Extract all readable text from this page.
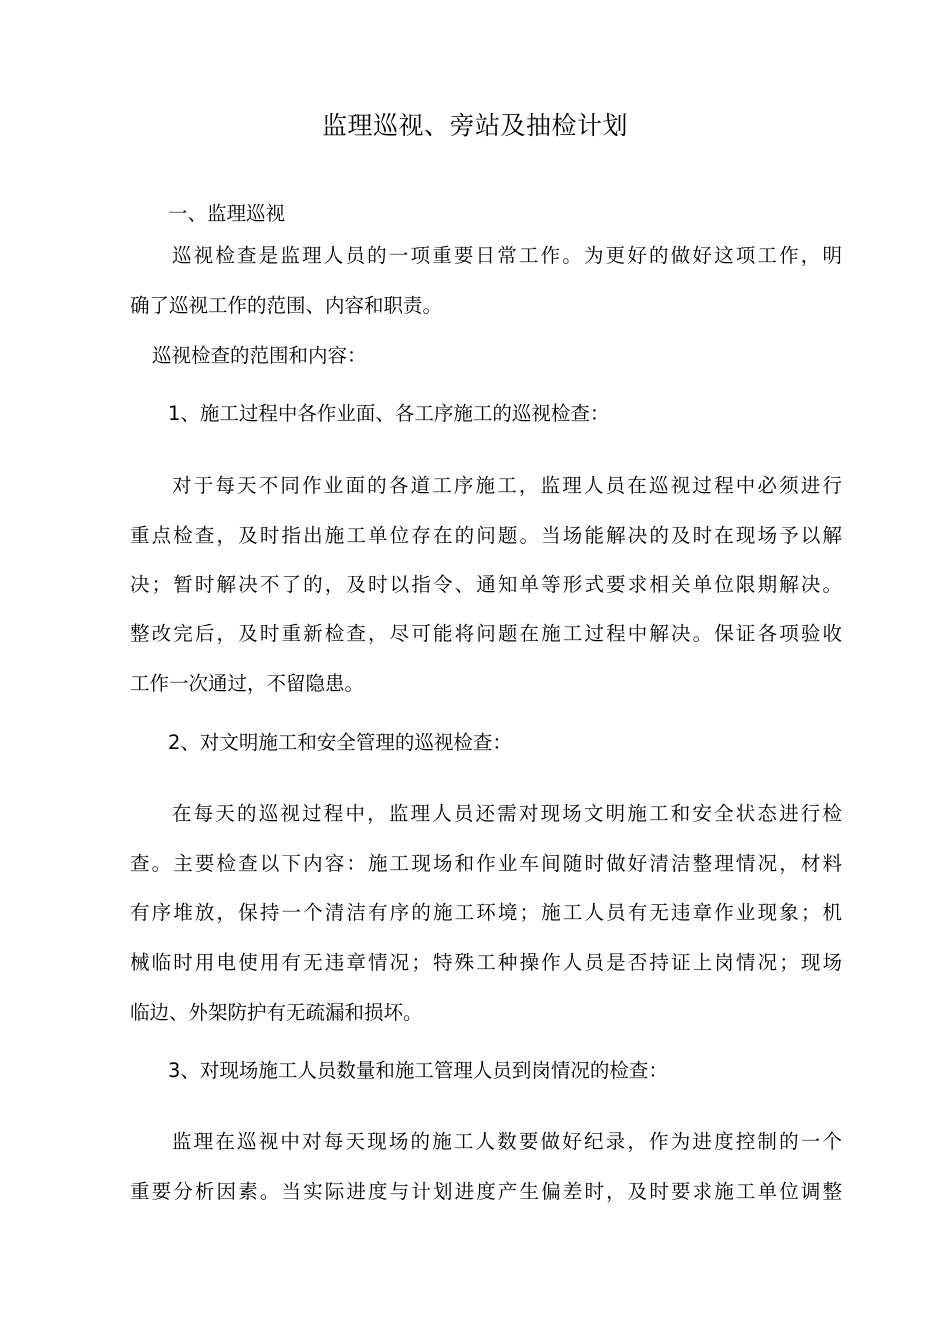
监理巡视、旁站及抽检计划

一、监理巡视

巡视检查是监理人员的一项重要日常工作。为更好的做好这项工作，明

确了巡视工作的范围、内容和职责。

巡视检查的范围和内容：

1、施工过程中各作业面、各工序施工的巡视检查：

对于每天不同作业面的各道工序施工，监理人员在巡视过程中必须进行

重点检查，及时指出施工单位存在的问题。当场能解决的及时在现场予以解

决；暂时解决不了的，及时以指令、通知单等形式要求相关单位限期解决。

整改完后，及时重新检查，尽可能将问题在施工过程中解决。保证各项验收

工作一次通过，不留隐患。

2、对文明施工和安全管理的巡视检查：

在每天的巡视过程中，监理人员还需对现场文明施工和安全状态进行检

查。主要检查以下内容：施工现场和作业车间随时做好清洁整理情况，材料

有序堆放，保持一个清洁有序的施工环境；施工人员有无违章作业现象；机

械临时用电使用有无违章情况；特殊工种操作人员是否持证上岗情况；现场

临边、外架防护有无疏漏和损坏。

3、对现场施工人员数量和施工管理人员到岗情况的检查：

监理在巡视中对每天现场的施工人数要做好纪录，作为进度控制的一个

重要分析因素。当实际进度与计划进度产生偏差时，及时要求施工单位调整
